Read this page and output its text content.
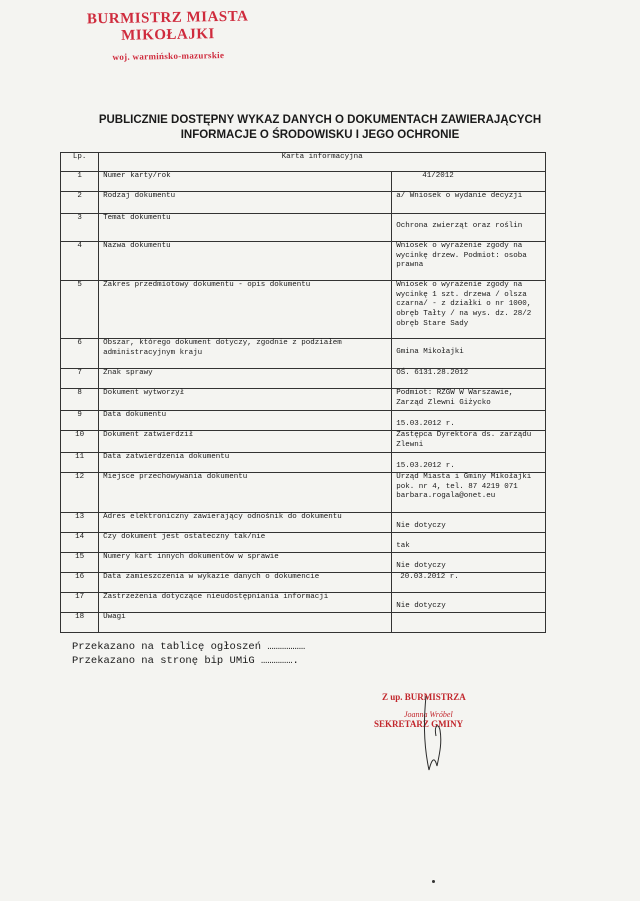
BURMISTRZ MIASTA MIKOŁAJKI
woj. warmińsko-mazurskie
PUBLICZNIE DOSTĘPNY WYKAZ DANYCH O DOKUMENTACH ZAWIERAJĄCYCH INFORMACJE O ŚRODOWISKU I JEGO OCHRONIE
Lp.	Karta informacyjna	
1	Numer karty/rok	41/2012
2	Rodzaj dokumentu	a/ Wniosek o wydanie decyzji
3	Temat dokumentu	Ochrona zwierząt oraz roślin
4	Nazwa dokumentu	Wniosek o wyrażenie zgody na wycinkę drzew. Podmiot: osoba prawna
5	Zakres przedmiotowy dokumentu - opis dokumentu	Wniosek o wyrażenie zgody na wycinkę 1 szt. drzewa / olsza czarna/ - z działki o nr 1000, obręb Tałty / na wys. dz. 28/2 obręb Stare Sady
6	Obszar, którego dokument dotyczy, zgodnie z podziałem administracyjnym kraju	Gmina Mikołajki
7	Znak sprawy	OŚ. 6131.28.2012
8	Dokument wytworzył	Podmiot: RZGW W Warszawie, Zarząd Zlewni Giżycko
9	Data dokumentu	15.03.2012 r.
10	Dokument zatwierdził	Zastępca Dyrektora ds. zarządu Zlewni
11	Data zatwierdzenia dokumentu	15.03.2012 r.
12	Miejsce przechowywania dokumentu	Urząd Miasta i Gminy Mikołajki pok. nr 4, tel. 87 4219 071 barbara.rogala@onet.eu
13	Adres elektroniczny zawierający odnośnik do dokumentu	Nie dotyczy
14	Czy dokument jest ostateczny tak/nie	tak
15	Numery kart innych dokumentów w sprawie	Nie dotyczy
16	Data zamieszczenia w wykazie danych o dokumencie	20.03.2012 r.
17	Zastrzeżenia dotyczące nieudostępniania informacji	Nie dotyczy
18	Uwagi	
Przekazano na tablicę ogłoszeń ………………
Przekazano na stronę bip UMiG …………….
Z up. BURMISTRZA
Joanna Wróbel
SEKRETARZ GMINY
